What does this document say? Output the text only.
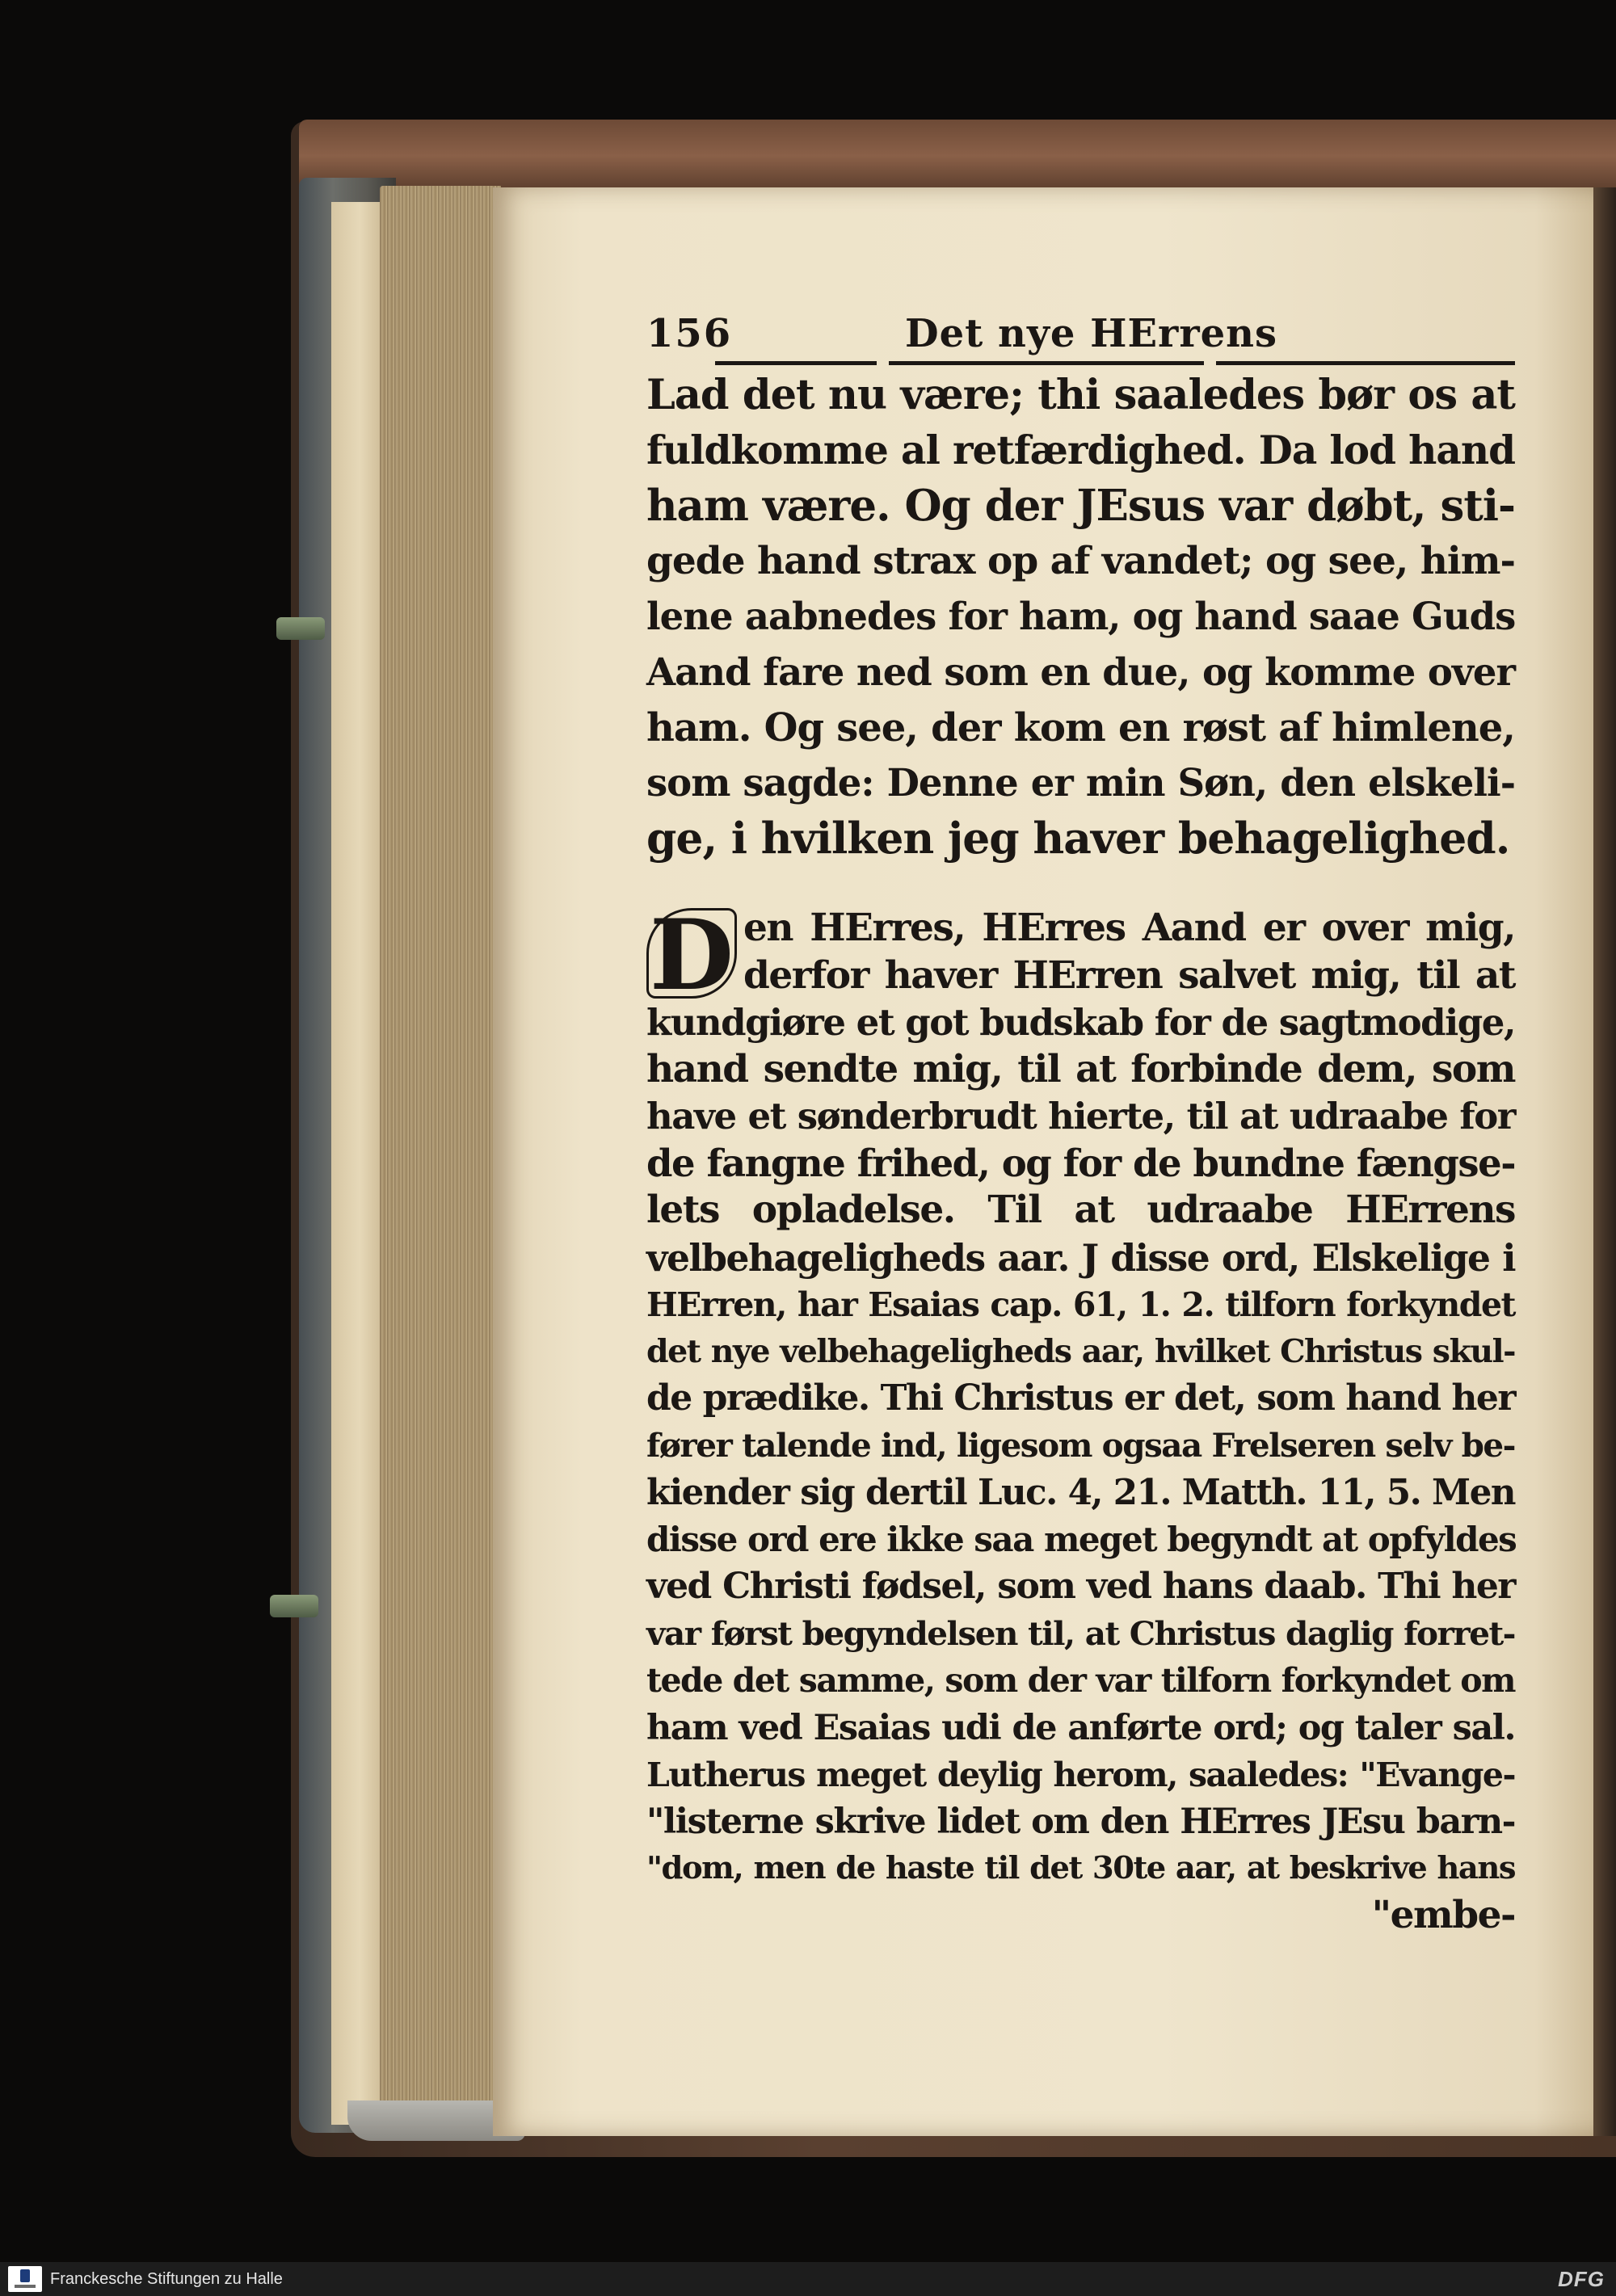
156	Det nye HErrens
Lad det nu være; thi saaledes bør os at
fuldkomme al retfærdighed. Da lod hand
ham være. Og der JEsus var døbt, sti-
gede hand strax op af vandet; og see, him-
lene aabnedes for ham, og hand saae Guds
Aand fare ned som en due, og komme over
ham. Og see, der kom en røst af himlene,
som sagde: Denne er min Søn, den elskeli-
ge, i hvilken jeg haver behagelighed.
D en HErres, HErres Aand er over mig,
derfor haver HErren salvet mig, til at
kundgiøre et got budskab for de sagtmodige,
hand sendte mig, til at forbinde dem, som
have et sønderbrudt hierte, til at udraabe for
de fangne frihed, og for de bundne fængse-
lets opladelse. Til at udraabe HErrens
velbehageligheds aar. J disse ord, Elskelige i
HErren, har Esaias cap. 61, 1. 2. tilforn forkyndet
det nye velbehageligheds aar, hvilket Christus skul-
de prædike. Thi Christus er det, som hand her
fører talende ind, ligesom ogsaa Frelseren selv be-
kiender sig dertil Luc. 4, 21. Matth. 11, 5. Men
disse ord ere ikke saa meget begyndt at opfyldes
ved Christi fødsel, som ved hans daab. Thi her
var først begyndelsen til, at Christus daglig forret-
tede det samme, som der var tilforn forkyndet om
ham ved Esaias udi de anførte ord; og taler sal.
Lutherus meget deylig herom, saaledes: "Evange-
"listerne skrive lidet om den HErres JEsu barn-
"dom, men de haste til det 30te aar, at beskrive hans
"embe-
Franckesche Stiftungen zu Halle	DFG
